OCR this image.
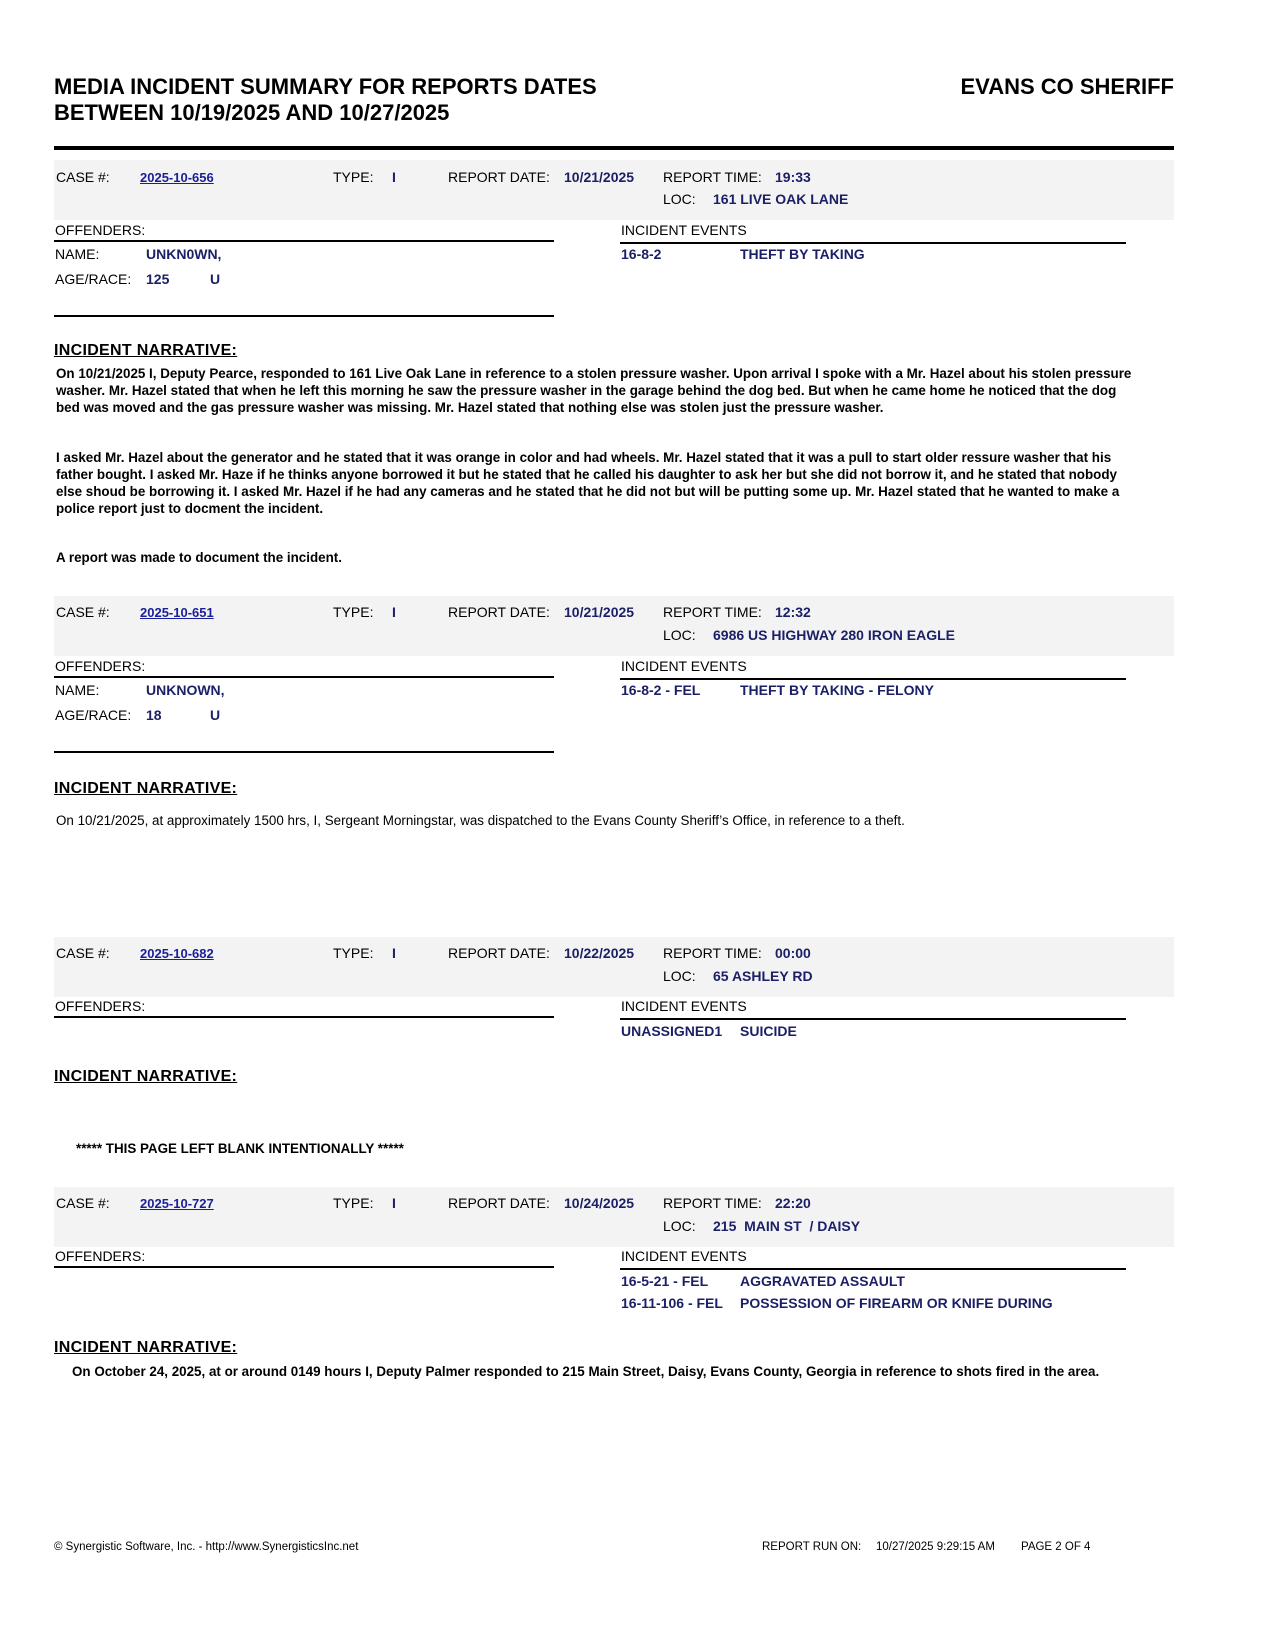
MEDIA INCIDENT SUMMARY FOR REPORTS DATES
BETWEEN 10/19/2025 AND 10/27/2025
EVANS CO SHERIFF
CASE #: 2025-10-656	TYPE: I	REPORT DATE: 10/21/2025 REPORT TIME: 19:33
LOC: 161 LIVE OAK LANE
OFFENDERS:
NAME:	UNKN0WN,
AGE/RACE: 125	U
INCIDENT EVENTS
16-8-2	THEFT BY TAKING
INCIDENT NARRATIVE:
On 10/21/2025 I, Deputy Pearce, responded to 161 Live Oak Lane in reference to a stolen pressure washer. Upon arrival I spoke with a Mr. Hazel about his stolen pressure washer. Mr. Hazel stated that when he left this morning he saw the pressure washer in the garage behind the dog bed. But when he came home he noticed that the dog bed was moved and the gas pressure washer was missing. Mr. Hazel stated that nothing else was stolen just the pressure washer.
I asked Mr. Hazel about the generator and he stated that it was orange in color and had wheels. Mr. Hazel stated that it was a pull to start older ressure washer that his father bought. I asked Mr. Haze if he thinks anyone borrowed it but he stated that he called his daughter to ask her but she did not borrow it, and he stated that nobody else shoud be borrowing it. I asked Mr. Hazel if he had any cameras and he stated that he did not but will be putting some up. Mr. Hazel stated that he wanted to make a police report just to docment the incident.
A report was made to document the incident.
CASE #: 2025-10-651	TYPE: I	REPORT DATE: 10/21/2025 REPORT TIME: 12:32
LOC: 6986 US HIGHWAY 280 IRON EAGLE
OFFENDERS:
NAME:	UNKNOWN,
AGE/RACE: 18	U
INCIDENT EVENTS
16-8-2 - FEL	THEFT BY TAKING - FELONY
INCIDENT NARRATIVE:
On 10/21/2025, at approximately 1500 hrs, I, Sergeant Morningstar, was dispatched to the Evans County Sheriff’s Office, in reference to a theft.
CASE #: 2025-10-682	TYPE: I	REPORT DATE: 10/22/2025 REPORT TIME: 00:00
LOC: 65 ASHLEY RD
OFFENDERS:	INCIDENT EVENTS
UNASSIGNED1 SUICIDE
INCIDENT NARRATIVE:
***** THIS PAGE LEFT BLANK INTENTIONALLY *****
CASE #: 2025-10-727	TYPE: I	REPORT DATE: 10/24/2025 REPORT TIME: 22:20
LOC: 215  MAIN ST  / DAISY
OFFENDERS:	INCIDENT EVENTS
16-5-21 - FEL AGGRAVATED ASSAULT
16-11-106 - FEL POSSESSION OF FIREARM OR KNIFE DURING
INCIDENT NARRATIVE:
On October 24, 2025, at or around 0149 hours I, Deputy Palmer responded to 215 Main Street, Daisy, Evans County, Georgia in reference to shots fired in the area.
© Synergistic Software, Inc. - http://www.SynergisticsInc.net	REPORT RUN ON: 10/27/2025 9:29:15 AM PAGE 2 OF 4
